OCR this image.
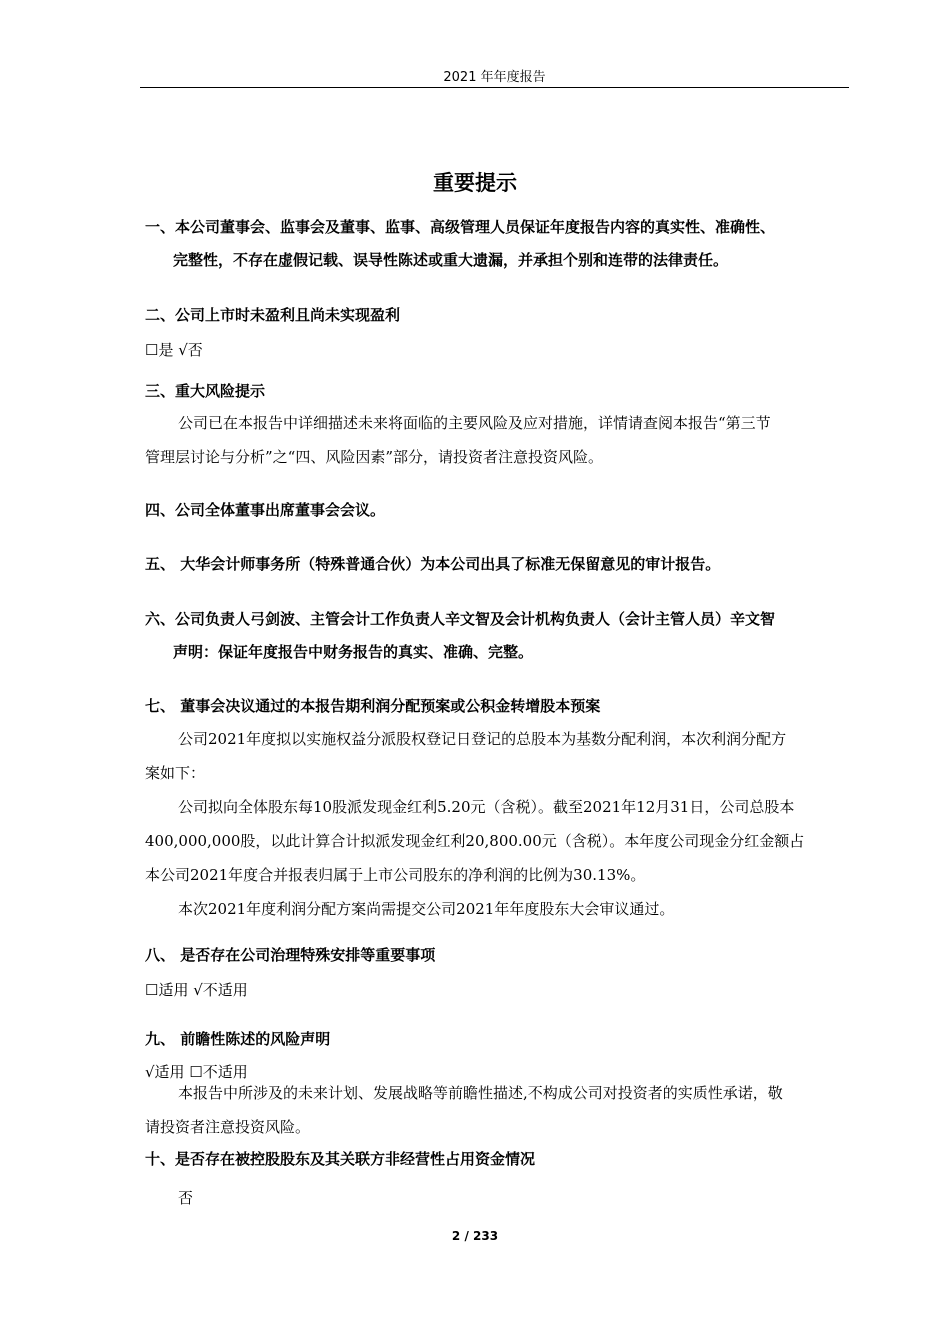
2021 年年度报告
重要提示
一、本公司董事会、监事会及董事、监事、高级管理人员保证年度报告内容的真实性、准确性、
完整性，不存在虚假记载、误导性陈述或重大遗漏，并承担个别和连带的法律责任。
二、公司上市时未盈利且尚未实现盈利
☐是 √否
三、重大风险提示
公司已在本报告中详细描述未来将面临的主要风险及应对措施，详情请查阅本报告“第三节
管理层讨论与分析”之“四、风险因素”部分，请投资者注意投资风险。
四、公司全体董事出席董事会会议。
五、 大华会计师事务所（特殊普通合伙）为本公司出具了标准无保留意见的审计报告。
六、公司负责人弓剑波、主管会计工作负责人辛文智及会计机构负责人（会计主管人员）辛文智
声明：保证年度报告中财务报告的真实、准确、完整。
七、 董事会决议通过的本报告期利润分配预案或公积金转增股本预案
公司2021年度拟以实施权益分派股权登记日登记的总股本为基数分配利润，本次利润分配方
案如下：
公司拟向全体股东每10股派发现金红利5.20元（含税）。截至2021年12月31日，公司总股本
400,000,000股，以此计算合计拟派发现金红利20,800.00元（含税）。本年度公司现金分红金额占
本公司2021年度合并报表归属于上市公司股东的净利润的比例为30.13%。
本次2021年度利润分配方案尚需提交公司2021年年度股东大会审议通过。
八、 是否存在公司治理特殊安排等重要事项
☐适用 √不适用
九、 前瞻性陈述的风险声明
√适用 ☐不适用
本报告中所涉及的未来计划、发展战略等前瞻性描述,不构成公司对投资者的实质性承诺，敬
请投资者注意投资风险。
十、是否存在被控股股东及其关联方非经营性占用资金情况
否
2 / 233
